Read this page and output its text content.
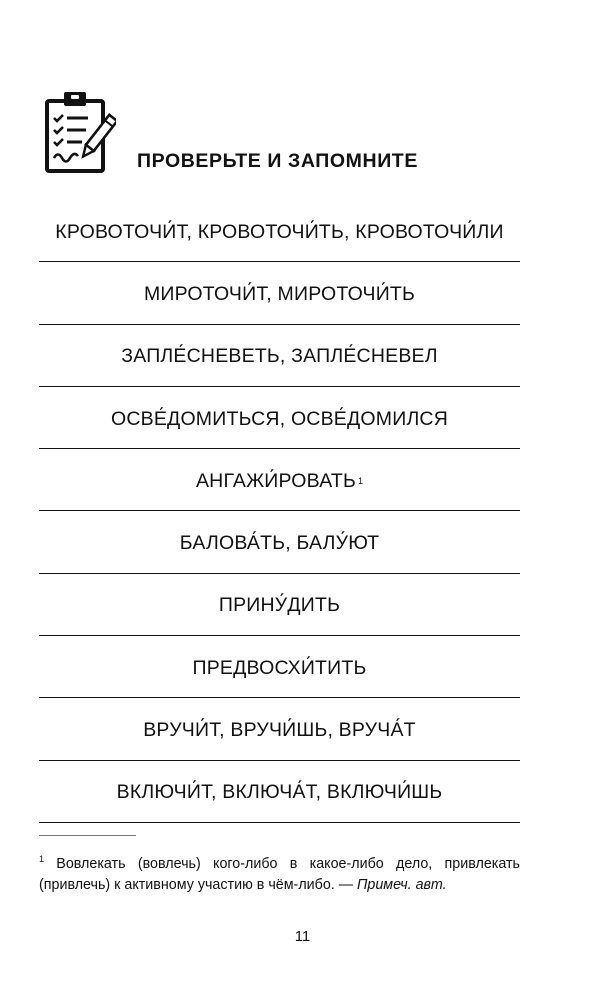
ПРОВЕРЬТЕ И ЗАПОМНИТЕ
КРОВОТОЧИ́Т, КРОВОТОЧИ́ТЬ, КРОВОТОЧИ́ЛИ
МИРОТОЧИ́Т, МИРОТОЧИ́ТЬ
ЗАПЛЕ́СНЕВЕТЬ, ЗАПЛЕ́СНЕВЕЛ
ОСВЕ́ДОМИТЬСЯ, ОСВЕ́ДОМИЛСЯ
АНГАЖИ́РОВАТЬ 1
БАЛОВА́ТЬ, БАЛУ́ЮТ
ПРИНУ́ДИТЬ
ПРЕДВОСХИ́ТИТЬ
ВРУЧИ́Т, ВРУЧИ́ШЬ, ВРУЧА́Т
ВКЛЮЧИ́Т, ВКЛЮЧА́Т, ВКЛЮЧИ́ШЬ

$^1$ Вовлекать (вовлечь) кого-либо в какое-либо дело, привлекать (привлечь) к активному участию в чём-либо. — Примеч. авт.

11
